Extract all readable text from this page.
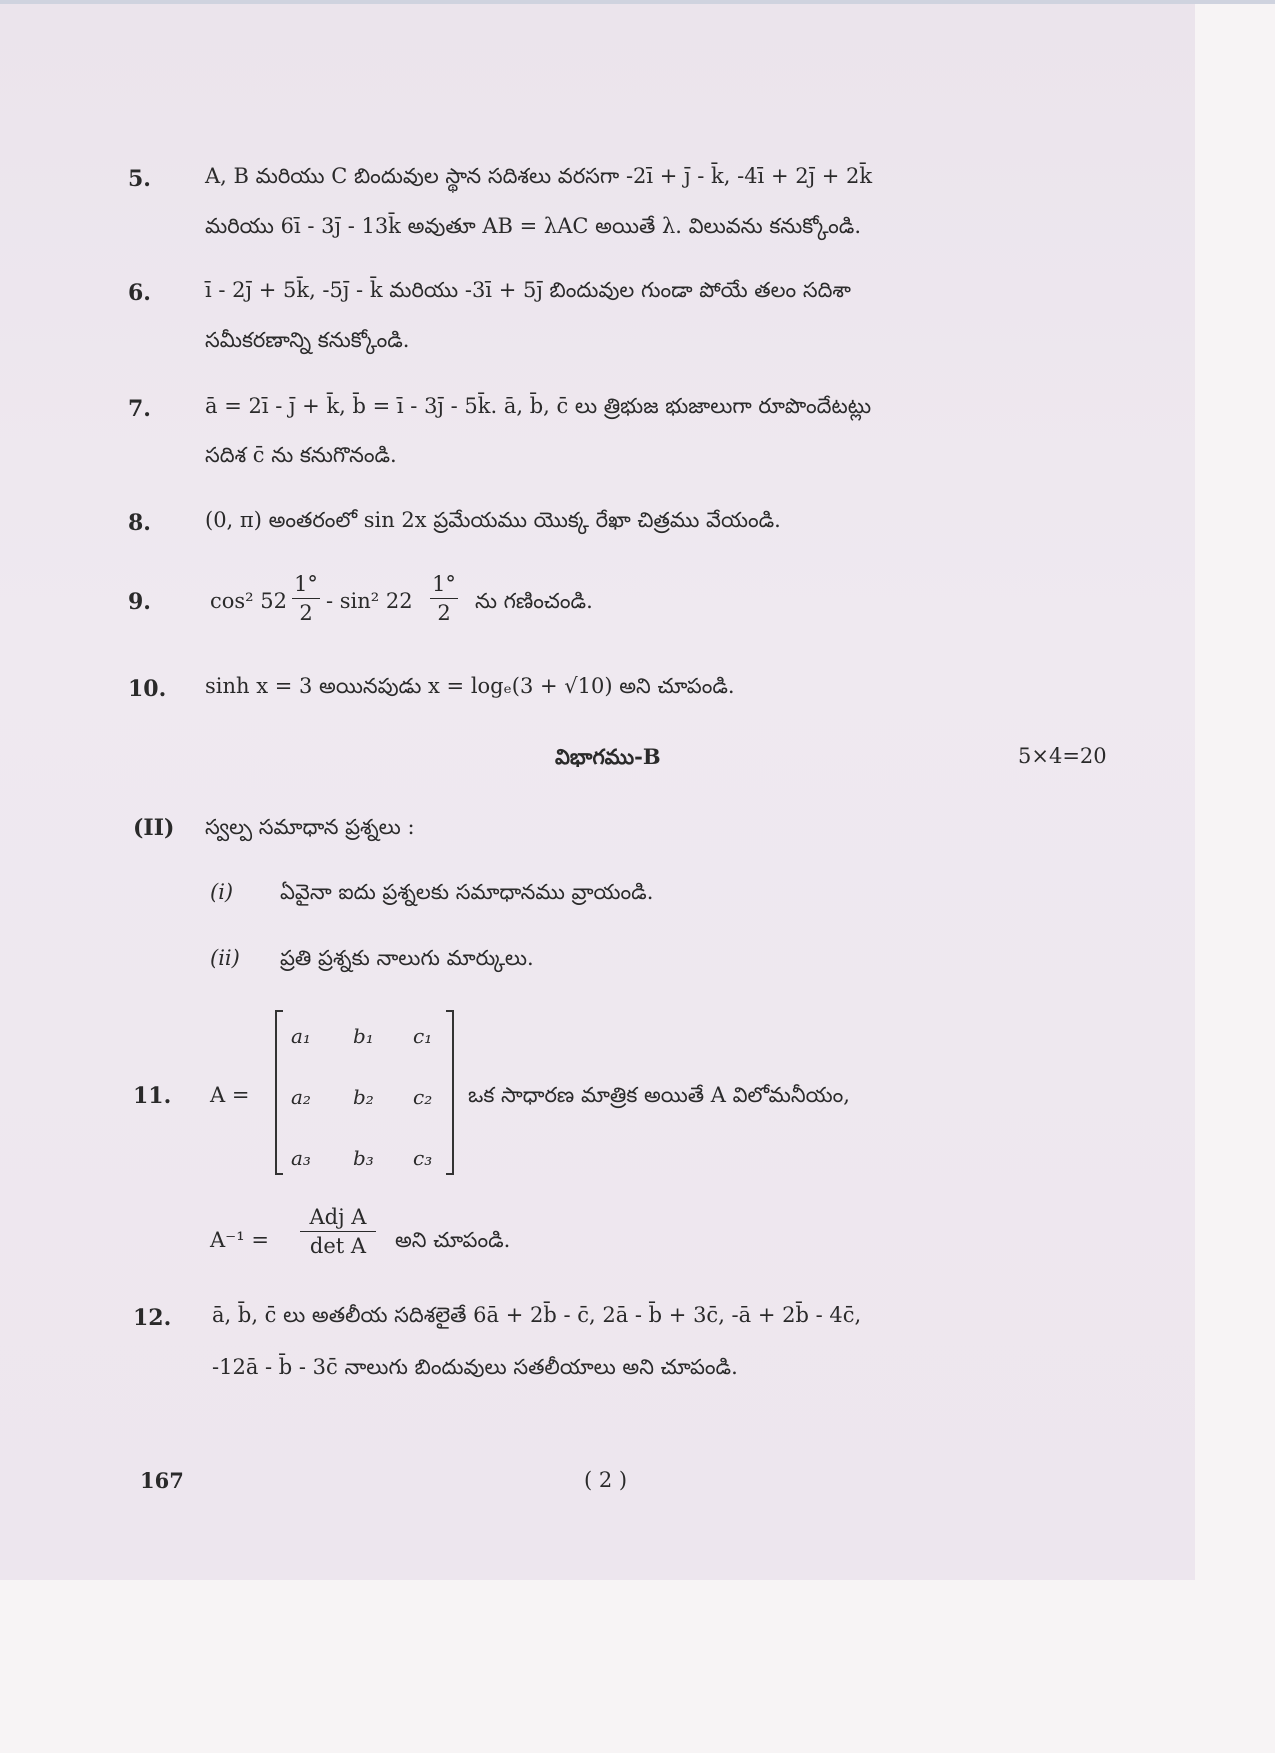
5.	A, B మరియు C బిందువుల స్థాన సదిశలు వరసగా -2ī + j̄ - k̄, -4ī + 2j̄ + 2k̄
మరియు 6ī - 3j̄ - 13k̄ అవుతూ AB = λAC అయితే λ. విలువను కనుక్కోండి.
6.	ī - 2j̄ + 5k̄, -5j̄ - k̄ మరియు -3ī + 5j̄ బిందువుల గుండా పోయే తలం సదిశా
సమీకరణాన్ని కనుక్కోండి.
7.	ā = 2ī - j̄ + k̄, b̄ = ī - 3j̄ - 5k̄. ā, b̄, c̄ లు త్రిభుజ భుజాలుగా రూపొందేటట్లు
సదిశ c̄ ను కనుగొనండి.
8.	(0, π) అంతరంలో sin 2x ప్రమేయము యొక్క రేఖా చిత్రము వేయండి.
9.	cos² 52
1°
2 - sin² 22
1°
2	ను గణించండి.
10. sinh x = 3 అయినపుడు x = logₑ(3 + √10) అని చూపండి.
విభాగము-B	5×4=20
(II) స్వల్ప సమాధాన ప్రశ్నలు :
(i) ఏవైనా ఐదు ప్రశ్నలకు సమాధానము వ్రాయండి.
(ii) ప్రతి ప్రశ్నకు నాలుగు మార్కులు.
11. A =
a₁ b₁ c₁
a₂ b₂ c₂
a₃ b₃ c₃
ఒక సాధారణ మాత్రిక అయితే A విలోమనీయం,
A⁻¹ =
Adj A
det A	అని చూపండి.
12. ā, b̄, c̄ లు అతలీయ సదిశలైతే 6ā + 2b̄ - c̄, 2ā - b̄ + 3c̄, -ā + 2b̄ - 4c̄,
-12ā - b̄ - 3c̄ నాలుగు బిందువులు సతలీయాలు అని చూపండి.
167	( 2 )
